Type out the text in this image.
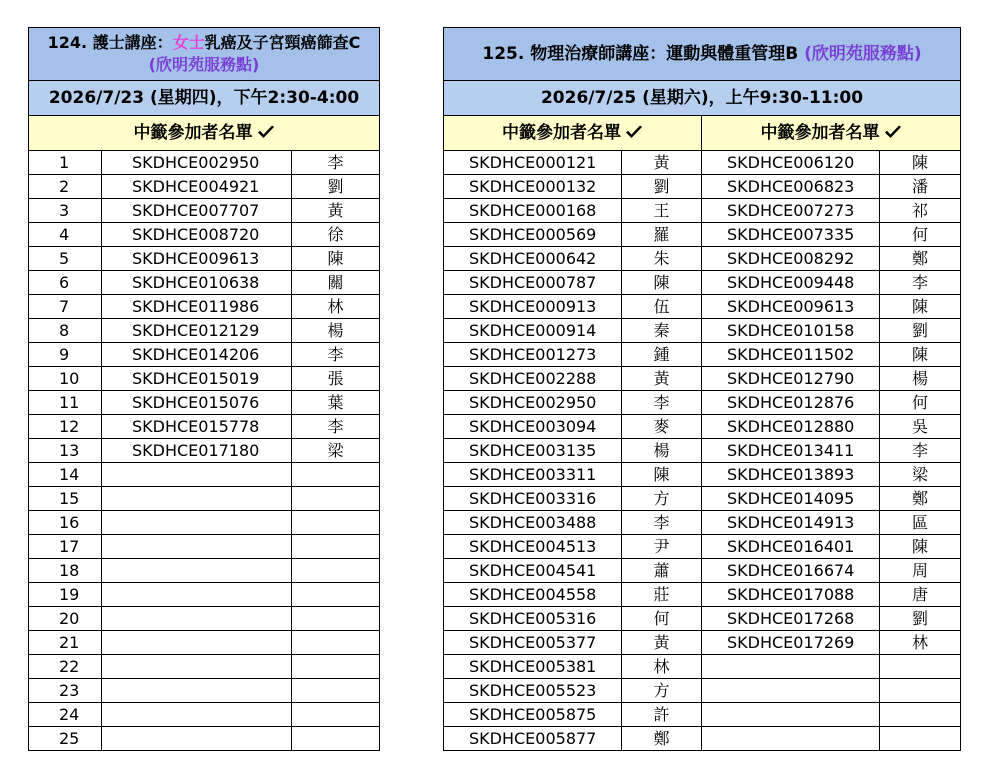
124. 護士講座：女士乳癌及子宮頸癌篩查C
(欣明苑服務點)		
2026/7/23 (星期四)，下午2:30-4:00		
中籤參加者名單		
1	SKDHCE002950	李
2	SKDHCE004921	劉
3	SKDHCE007707	黃
4	SKDHCE008720	徐
5	SKDHCE009613	陳
6	SKDHCE010638	關
7	SKDHCE011986	林
8	SKDHCE012129	楊
9	SKDHCE014206	李
10	SKDHCE015019	張
11	SKDHCE015076	葉
12	SKDHCE015778	李
13	SKDHCE017180	梁
14		
15		
16		
17		
18		
19		
20		
21		
22		
23		
24		
25		
125. 物理治療師講座：運動與體重管理B (欣明苑服務點)			
2026/7/25 (星期六)，上午9:30-11:00			
中籤參加者名單		中籤參加者名單	
SKDHCE000121	黃	SKDHCE006120	陳
SKDHCE000132	劉	SKDHCE006823	潘
SKDHCE000168	王	SKDHCE007273	祁
SKDHCE000569	羅	SKDHCE007335	何
SKDHCE000642	朱	SKDHCE008292	鄭
SKDHCE000787	陳	SKDHCE009448	李
SKDHCE000913	伍	SKDHCE009613	陳
SKDHCE000914	秦	SKDHCE010158	劉
SKDHCE001273	鍾	SKDHCE011502	陳
SKDHCE002288	黃	SKDHCE012790	楊
SKDHCE002950	李	SKDHCE012876	何
SKDHCE003094	麥	SKDHCE012880	吳
SKDHCE003135	楊	SKDHCE013411	李
SKDHCE003311	陳	SKDHCE013893	梁
SKDHCE003316	方	SKDHCE014095	鄭
SKDHCE003488	李	SKDHCE014913	區
SKDHCE004513	尹	SKDHCE016401	陳
SKDHCE004541	蕭	SKDHCE016674	周
SKDHCE004558	莊	SKDHCE017088	唐
SKDHCE005316	何	SKDHCE017268	劉
SKDHCE005377	黃	SKDHCE017269	林
SKDHCE005381	林		
SKDHCE005523	方		
SKDHCE005875	許		
SKDHCE005877	鄭		
